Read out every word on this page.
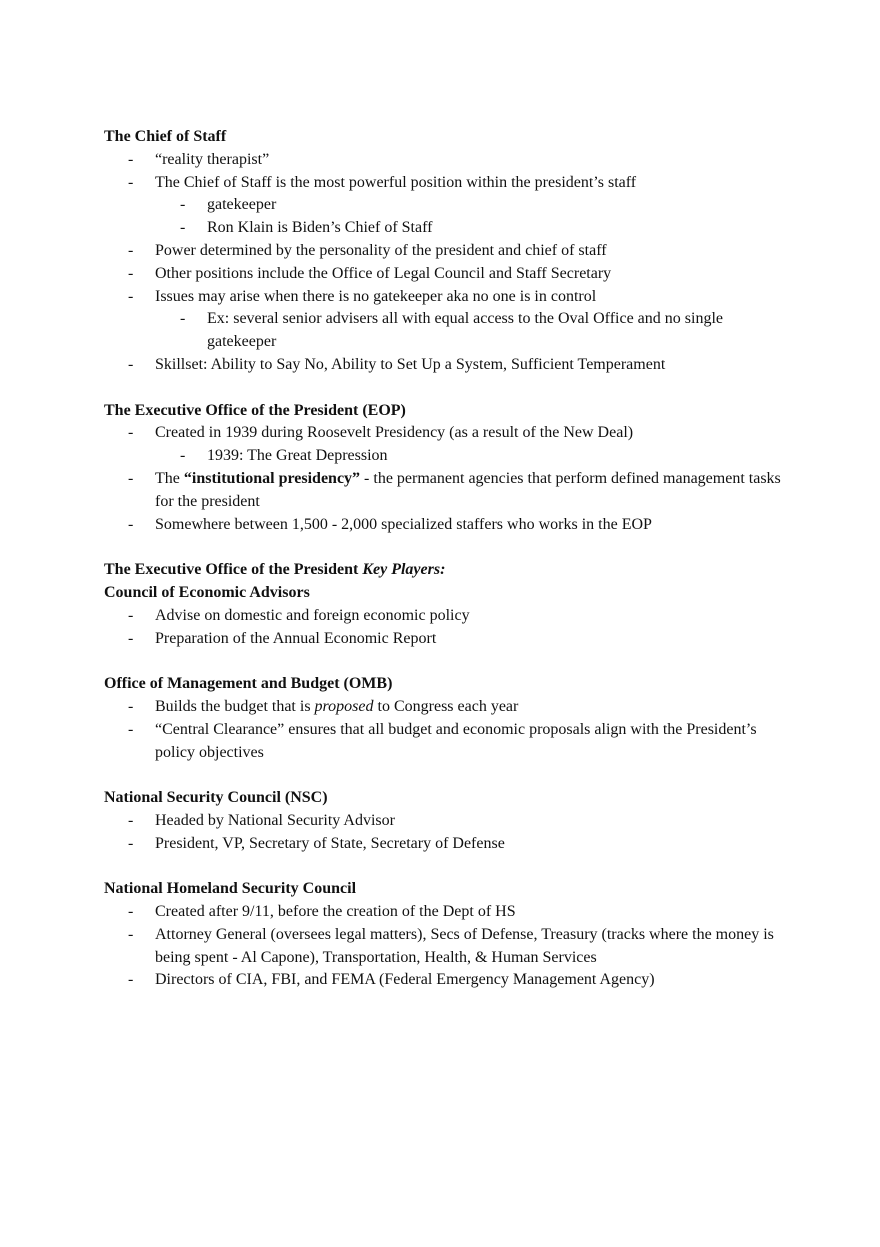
The Chief of Staff
- “reality therapist”
- The Chief of Staff is the most powerful position within the president’s staff
- gatekeeper
- Ron Klain is Biden’s Chief of Staff
- Power determined by the personality of the president and chief of staff
- Other positions include the Office of Legal Council and Staff Secretary
- Issues may arise when there is no gatekeeper aka no one is in control
- Ex: several senior advisers all with equal access to the Oval Office and no single gatekeeper
- Skillset: Ability to Say No, Ability to Set Up a System, Sufficient Temperament
The Executive Office of the President (EOP)
- Created in 1939 during Roosevelt Presidency (as a result of the New Deal)
- 1939: The Great Depression
- The “institutional presidency” - the permanent agencies that perform defined management tasks for the president
- Somewhere between 1,500 - 2,000 specialized staffers who works in the EOP
The Executive Office of the President Key Players:
Council of Economic Advisors
- Advise on domestic and foreign economic policy
- Preparation of the Annual Economic Report
Office of Management and Budget (OMB)
- Builds the budget that is proposed to Congress each year
- “Central Clearance” ensures that all budget and economic proposals align with the President’s policy objectives
National Security Council (NSC)
- Headed by National Security Advisor
- President, VP, Secretary of State, Secretary of Defense
National Homeland Security Council
- Created after 9/11, before the creation of the Dept of HS
- Attorney General (oversees legal matters), Secs of Defense, Treasury (tracks where the money is being spent - Al Capone), Transportation, Health, & Human Services
- Directors of CIA, FBI, and FEMA (Federal Emergency Management Agency)
